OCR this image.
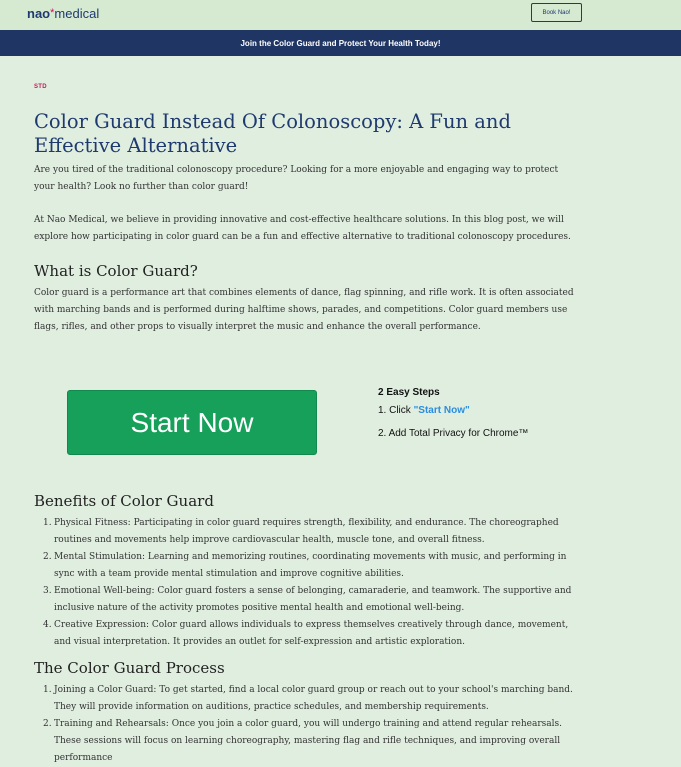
nao*medical	Book Nao!
Join the Color Guard and Protect Your Health Today!
STD
Color Guard Instead Of Colonoscopy: A Fun and Effective Alternative

Are you tired of the traditional colonoscopy procedure? Looking for a more enjoyable and engaging way to protect your health? Look no further than color guard!

At Nao Medical, we believe in providing innovative and cost-effective healthcare solutions. In this blog post, we will explore how participating in color guard can be a fun and effective alternative to traditional colonoscopy procedures.

What is Color Guard?

Color guard is a performance art that combines elements of dance, flag spinning, and rifle work. It is often associated with marching bands and is performed during halftime shows, parades, and competitions. Color guard members use flags, rifles, and other props to visually interpret the music and enhance the overall performance.

Start Now
2 Easy Steps
1. Click "Start Now"
2. Add Total Privacy for Chrome™
Benefits of Color Guard
1. Physical Fitness: Participating in color guard requires strength, flexibility, and endurance. The choreographed routines and movements help improve cardiovascular health, muscle tone, and overall fitness.
2. Mental Stimulation: Learning and memorizing routines, coordinating movements with music, and performing in sync with a team provide mental stimulation and improve cognitive abilities.
3. Emotional Well-being: Color guard fosters a sense of belonging, camaraderie, and teamwork. The supportive and inclusive nature of the activity promotes positive mental health and emotional well-being.
4. Creative Expression: Color guard allows individuals to express themselves creatively through dance, movement, and visual interpretation. It provides an outlet for self-expression and artistic exploration.
The Color Guard Process
1. Joining a Color Guard: To get started, find a local color guard group or reach out to your school's marching band. They will provide information on auditions, practice schedules, and membership requirements.
2. Training and Rehearsals: Once you join a color guard, you will undergo training and attend regular rehearsals. These sessions will focus on learning choreography, mastering flag and rifle techniques, and improving overall performance
